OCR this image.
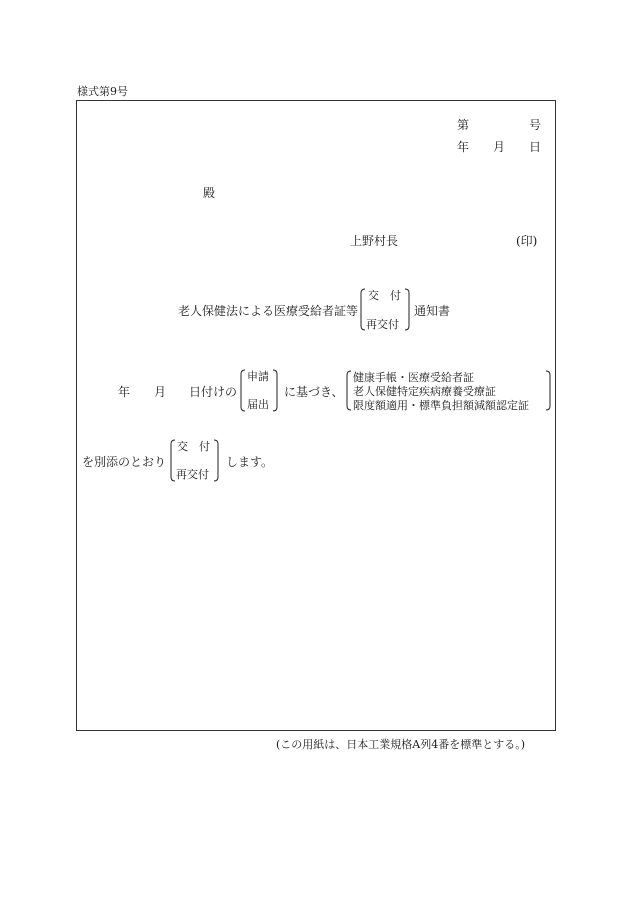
様式第9号
第	号
年 月 日
殿
上野村長	(印)
老人保健法による医療受給者証等
交　付
再交付
通知書
年 月 日付けの
申請
届出
に基づき、
健康手帳・医療受給者証
老人保健特定疾病療養受療証
限度額適用・標準負担額減額認定証
を別添のとおり
交　付
再交付
します。
(この用紙は、日本工業規格A列4番を標準とする。)
